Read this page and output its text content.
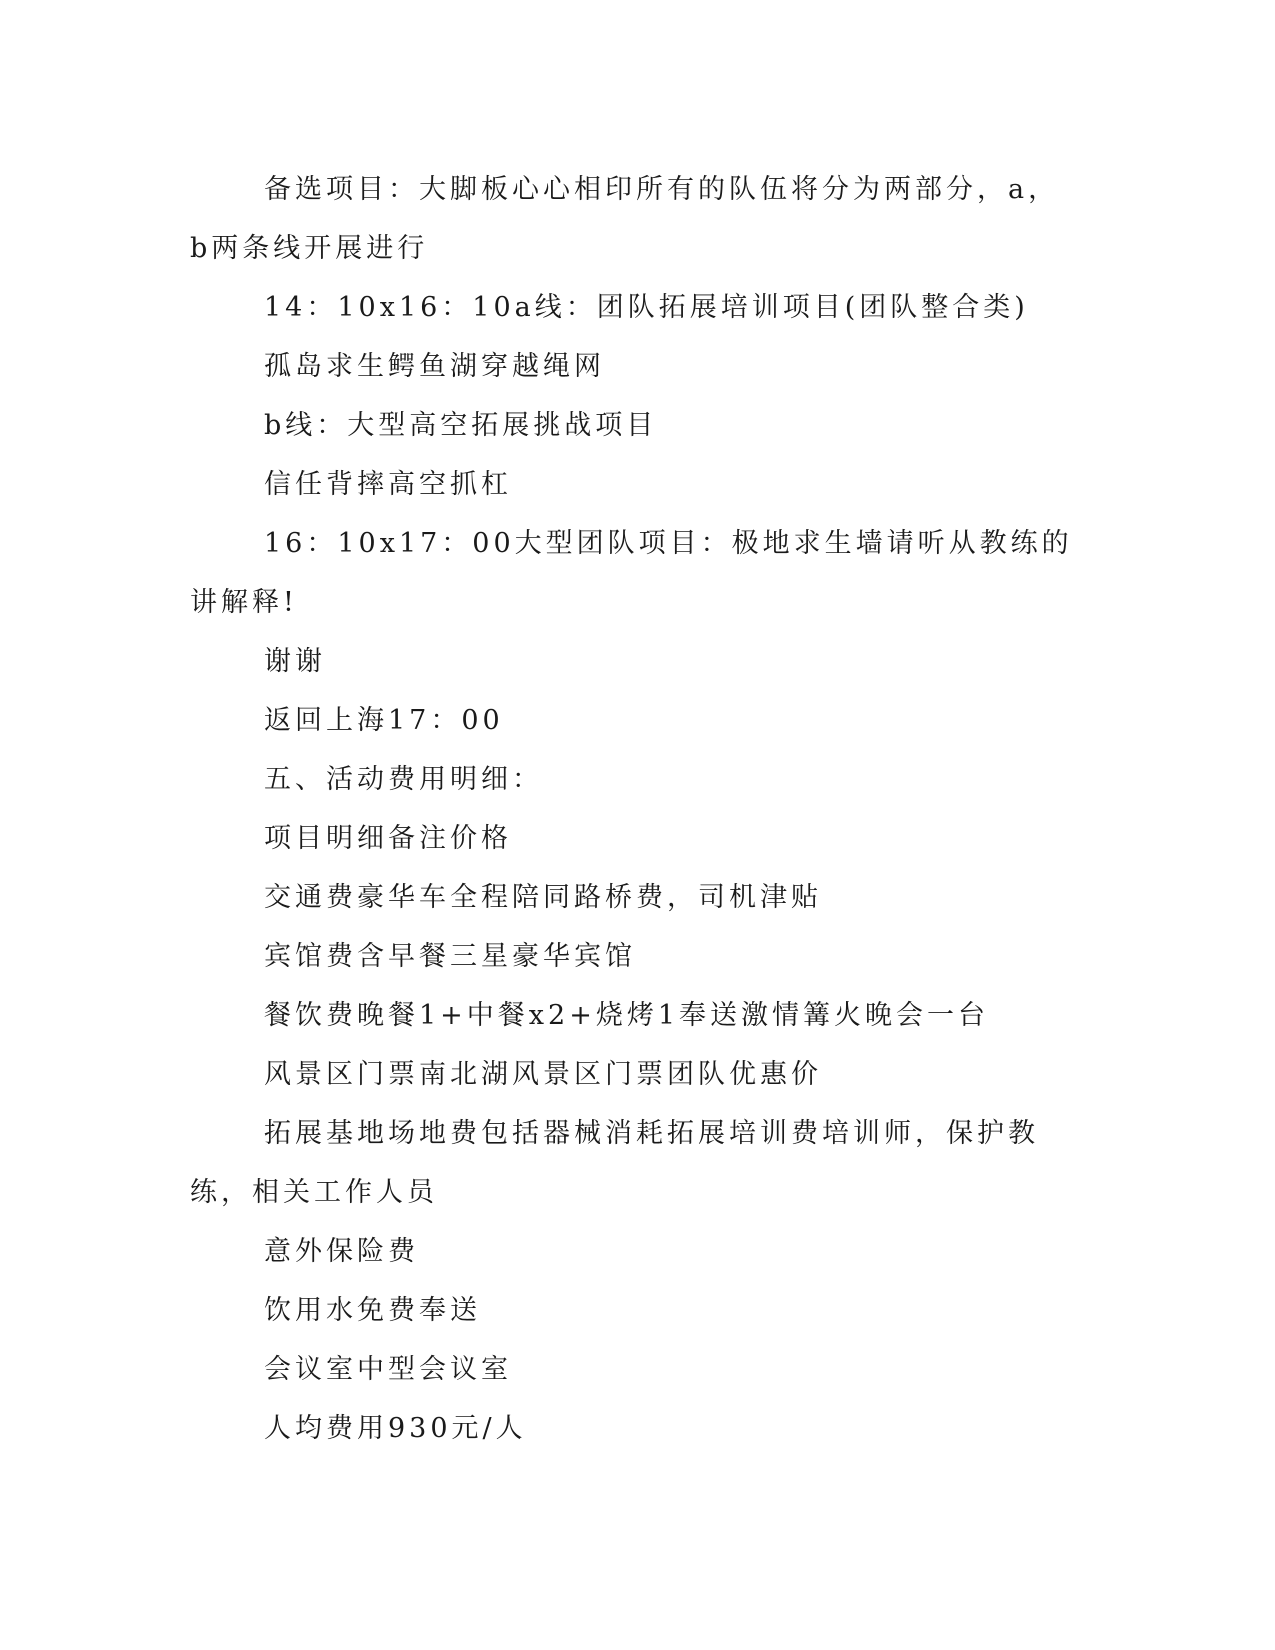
备选项目：大脚板心心相印所有的队伍将分为两部分，a，b两条线开展进行

14：10x16：10a线：团队拓展培训项目(团队整合类)

孤岛求生鳄鱼湖穿越绳网

b线：大型高空拓展挑战项目

信任背摔高空抓杠

16：10x17：00大型团队项目：极地求生墙请听从教练的讲解释!

谢谢

返回上海17：00

五、活动费用明细：

项目明细备注价格

交通费豪华车全程陪同路桥费，司机津贴

宾馆费含早餐三星豪华宾馆

餐饮费晚餐1+中餐x2+烧烤1奉送激情篝火晚会一台

风景区门票南北湖风景区门票团队优惠价

拓展基地场地费包括器械消耗拓展培训费培训师，保护教练，相关工作人员

意外保险费

饮用水免费奉送

会议室中型会议室

人均费用930元/人
